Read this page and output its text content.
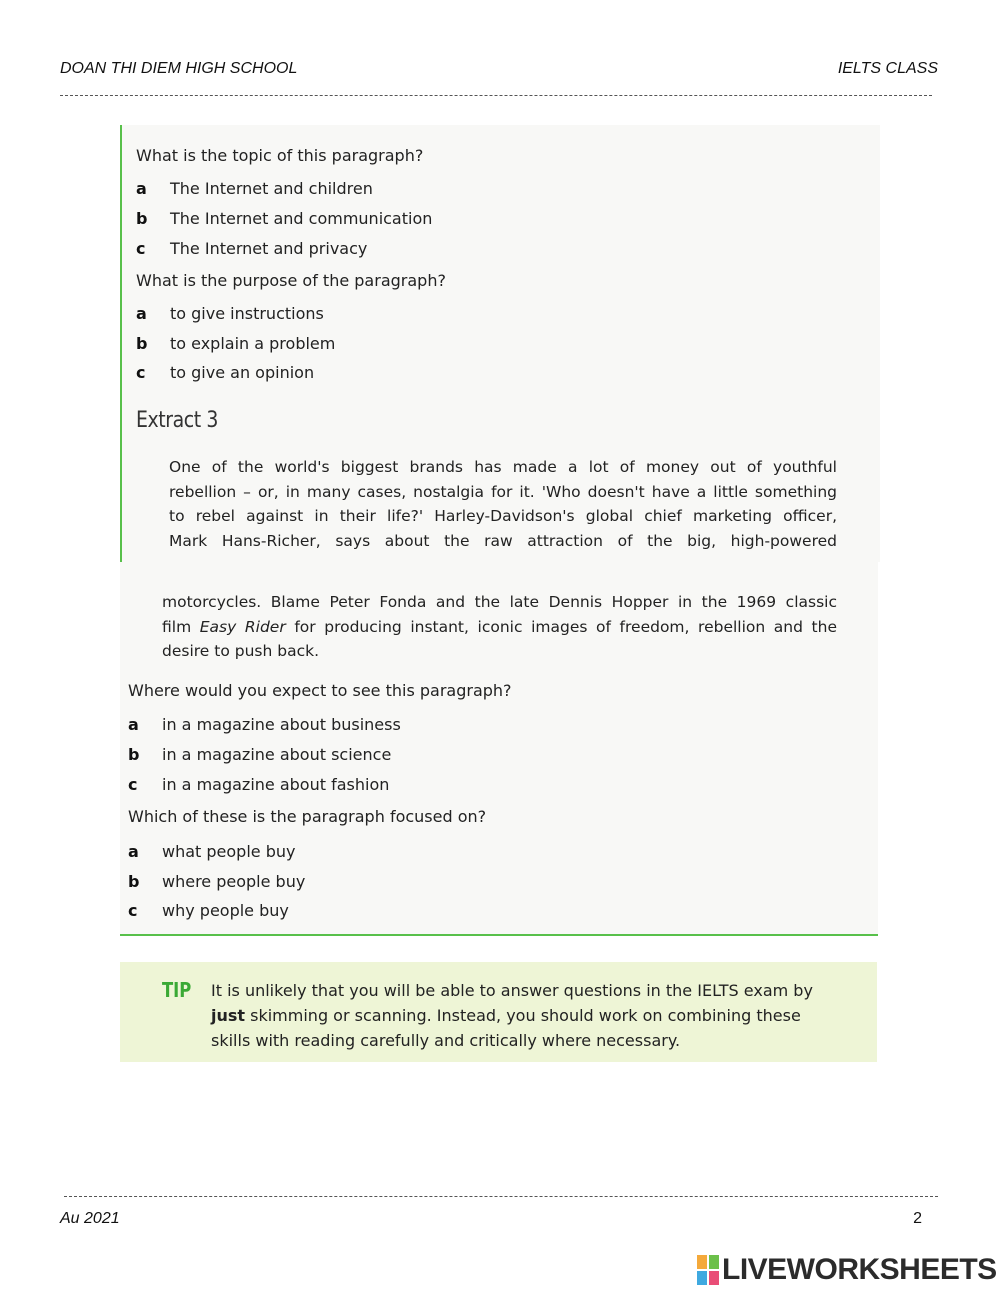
DOAN THI DIEM HIGH SCHOOL	IELTS CLASS
What is the topic of this paragraph?
a The Internet and children
b The Internet and communication
c The Internet and privacy
What is the purpose of the paragraph?
a to give instructions
b to explain a problem
c to give an opinion
Extract 3
One of the world's biggest brands has made a lot of money out of youthful
rebellion – or, in many cases, nostalgia for it. 'Who doesn't have a little something
to rebel against in their life?' Harley-Davidson's global chief marketing officer,
Mark Hans-Richer, says about the raw attraction of the big, high-powered
motorcycles. Blame Peter Fonda and the late Dennis Hopper in the 1969 classic
film Easy Rider for producing instant, iconic images of freedom, rebellion and the
desire to push back.
Where would you expect to see this paragraph?
a in a magazine about business
b in a magazine about science
c in a magazine about fashion
Which of these is the paragraph focused on?
a what people buy
b where people buy
c why people buy
TIP It is unlikely that you will be able to answer questions in the IELTS exam by
just skimming or scanning. Instead, you should work on combining these
skills with reading carefully and critically where necessary.
Au 2021	2
LIVEWORKSHEETS
